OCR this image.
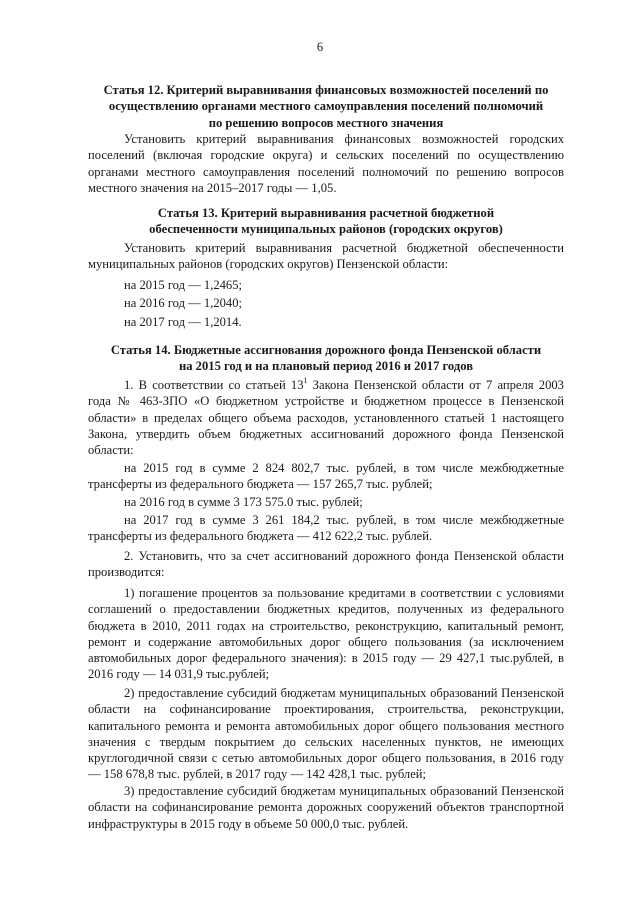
6
Статья 12. Критерий выравнивания финансовых возможностей поселений по осуществлению органами местного самоуправления поселений полномочий по решению вопросов местного значения
Установить критерий выравнивания финансовых возможностей городских поселений (включая городские округа) и сельских поселений по осуществлению органами местного самоуправления поселений полномочий по решению вопросов местного значения на 2015–2017 годы — 1,05.
Статья 13. Критерий выравнивания расчетной бюджетной обеспеченности муниципальных районов (городских округов)
Установить критерий выравнивания расчетной бюджетной обеспеченности муниципальных районов (городских округов) Пензенской области:
на 2015 год — 1,2465;
на 2016 год — 1,2040;
на 2017 год — 1,2014.
Статья 14. Бюджетные ассигнования дорожного фонда Пензенской области на 2015 год и на плановый период 2016 и 2017 годов
1. В соответствии со статьей $13^1$ Закона Пензенской области от 7 апреля 2003 года № 463-ЗПО «О бюджетном устройстве и бюджетном процессе в Пензенской области» в пределах общего объема расходов, установленного статьей 1 настоящего Закона, утвердить объем бюджетных ассигнований дорожного фонда Пензенской области:
на 2015 год в сумме 2 824 802,7 тыс. рублей, в том числе межбюджетные трансферты из федерального бюджета — 157 265,7 тыс. рублей;
на 2016 год в сумме 3 173 575.0 тыс. рублей;
на 2017 год в сумме 3 261 184,2 тыс. рублей, в том числе межбюджетные трансферты из федерального бюджета — 412 622,2 тыс. рублей.
2. Установить, что за счет ассигнований дорожного фонда Пензенской области производится:
1) погашение процентов за пользование кредитами в соответствии с условиями соглашений о предоставлении бюджетных кредитов, полученных из федерального бюджета в 2010, 2011 годах на строительство, реконструкцию, капитальный ремонт, ремонт и содержание автомобильных дорог общего пользования (за исключением автомобильных дорог федерального значения): в 2015 году — 29 427,1 тыс.рублей, в 2016 году — 14 031,9 тыс.рублей;
2) предоставление субсидий бюджетам муниципальных образований Пензенской области на софинансирование проектирования, строительства, реконструкции, капитального ремонта и ремонта автомобильных дорог общего пользования местного значения с твердым покрытием до сельских населенных пунктов, не имеющих круглогодичной связи с сетью автомобильных дорог общего пользования, в 2016 году — 158 678,8 тыс. рублей, в 2017 году — 142 428,1 тыс. рублей;
3) предоставление субсидий бюджетам муниципальных образований Пензенской области на софинансирование ремонта дорожных сооружений объектов транспортной инфраструктуры в 2015 году в объеме 50 000,0 тыс. рублей.
